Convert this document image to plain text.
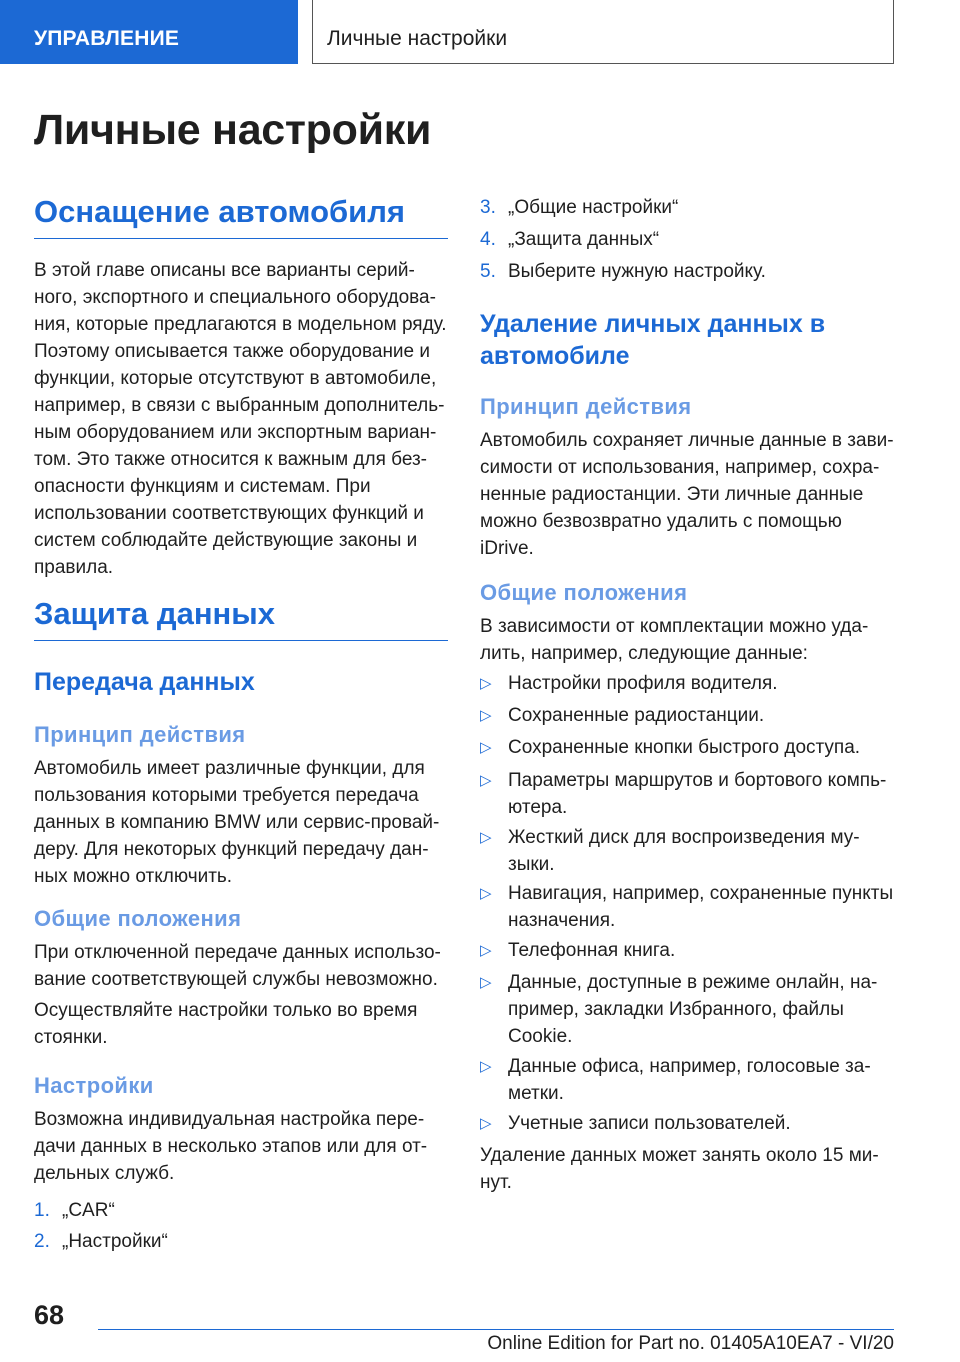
УПРАВЛЕНИЕ	Личные настройки
Личные настройки
Оснащение автомобиля
В этой главе описаны все варианты серий-
ного, экспортного и специального оборудова-
ния, которые предлагаются в модельном ряду.
Поэтому описывается также оборудование и
функции, которые отсутствуют в автомобиле,
например, в связи с выбранным дополнитель-
ным оборудованием или экспортным вариан-
том. Это также относится к важным для без-
опасности функциям и системам. При
использовании соответствующих функций и
систем соблюдайте действующие законы и
правила.
Защита данных
Передача данных
Принцип действия
Автомобиль имеет различные функции, для
пользования которыми требуется передача
данных в компанию BMW или сервис-провай-
деру. Для некоторых функций передачу дан-
ных можно отключить.
Общие положения
При отключенной передаче данных использо-
вание соответствующей службы невозможно.
Осуществляйте настройки только во время
стоянки.
Настройки
Возможна индивидуальная настройка пере-
дачи данных в несколько этапов или для от-
дельных служб.
1. „CAR“
2. „Настройки“
3. „Общие настройки“
4. „Защита данных“
5. Выберите нужную настройку.
Удаление личных данных в
автомобиле
Принцип действия
Автомобиль сохраняет личные данные в зави-
симости от использования, например, сохра-
ненные радиостанции. Эти личные данные
можно безвозвратно удалить с помощью
iDrive.
Общие положения
В зависимости от комплектации можно уда-
лить, например, следующие данные:
▷ Настройки профиля водителя.
▷ Сохраненные радиостанции.
▷ Сохраненные кнопки быстрого доступа.
▷ Параметры маршрутов и бортового компь-
ютера.
▷ Жесткий диск для воспроизведения му-
зыки.
▷ Навигация, например, сохраненные пункты
назначения.
▷ Телефонная книга.
▷ Данные, доступные в режиме онлайн, на-
пример, закладки Избранного, файлы
Cookie.
▷ Данные офиса, например, голосовые за-
метки.
▷ Учетные записи пользователей.
Удаление данных может занять около 15 ми-
нут.
68
Online Edition for Part no. 01405A10EA7 - VI/20
